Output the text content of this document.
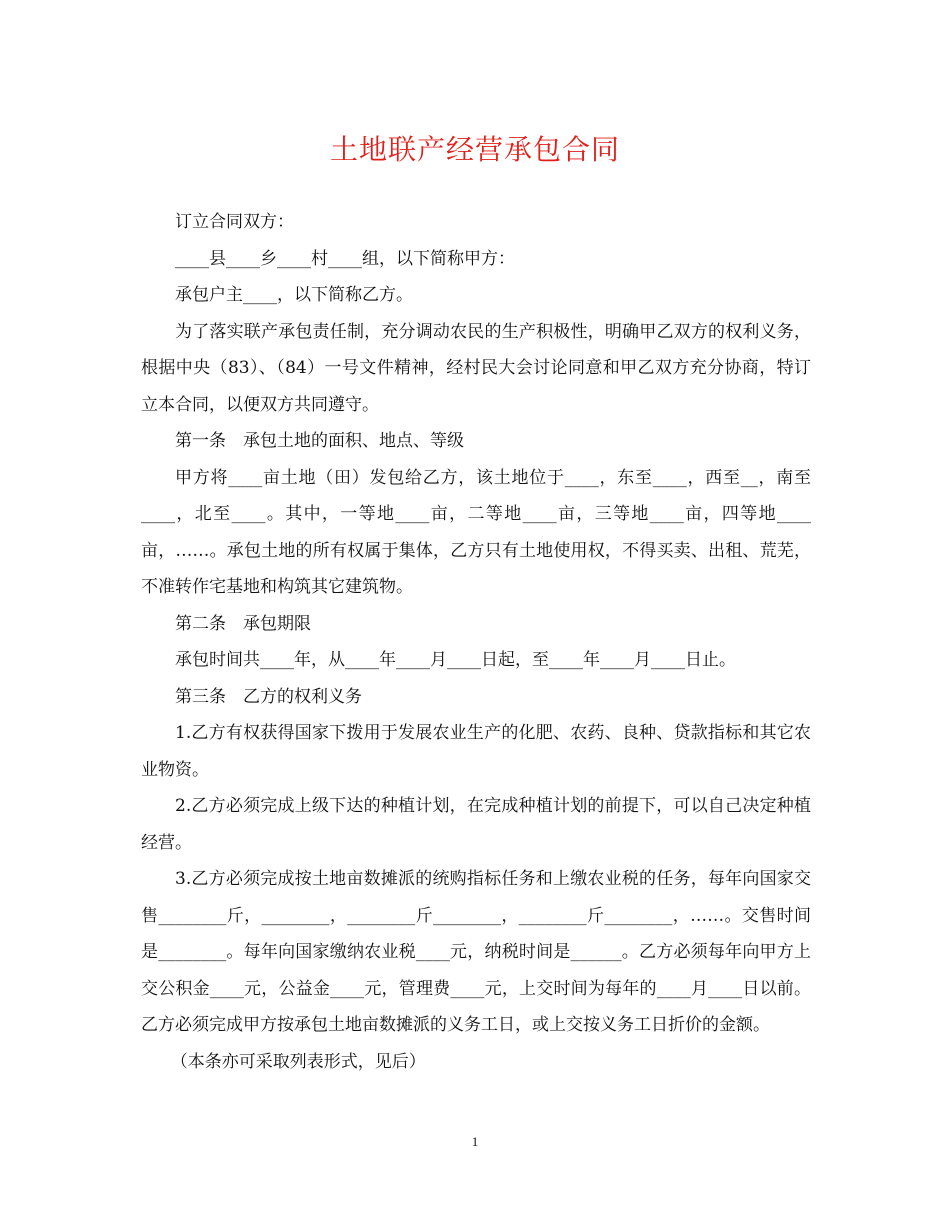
土地联产经营承包合同

订立合同双方：

____县____乡____村____组，以下简称甲方：

承包户主____，以下简称乙方。

为了落实联产承包责任制，充分调动农民的生产积极性，明确甲乙双方的权利义务，根据中央（83）、（84）一号文件精神，经村民大会讨论同意和甲乙双方充分协商，特订立本合同，以便双方共同遵守。

第一条　承包土地的面积、地点、等级

甲方将____亩土地（田）发包给乙方，该土地位于____，东至____，西至__，南至____，北至____。其中，一等地____亩，二等地____亩，三等地____亩，四等地____亩，……。承包土地的所有权属于集体，乙方只有土地使用权，不得买卖、出租、荒芜，不准转作宅基地和构筑其它建筑物。

第二条　承包期限

承包时间共____年，从____年____月____日起，至____年____月____日止。

第三条　乙方的权利义务

1.乙方有权获得国家下拨用于发展农业生产的化肥、农药、良种、贷款指标和其它农业物资。

2.乙方必须完成上级下达的种植计划，在完成种植计划的前提下，可以自己决定种植经营。

3.乙方必须完成按土地亩数摊派的统购指标任务和上缴农业税的任务，每年向国家交售________斤，________，________斤________，________斤________，……。交售时间是________。每年向国家缴纳农业税____元，纳税时间是______。乙方必须每年向甲方上交公积金____元，公益金____元，管理费____元，上交时间为每年的____月____日以前。乙方必须完成甲方按承包土地亩数摊派的义务工日，或上交按义务工日折价的金额。

（本条亦可采取列表形式，见后）

1
